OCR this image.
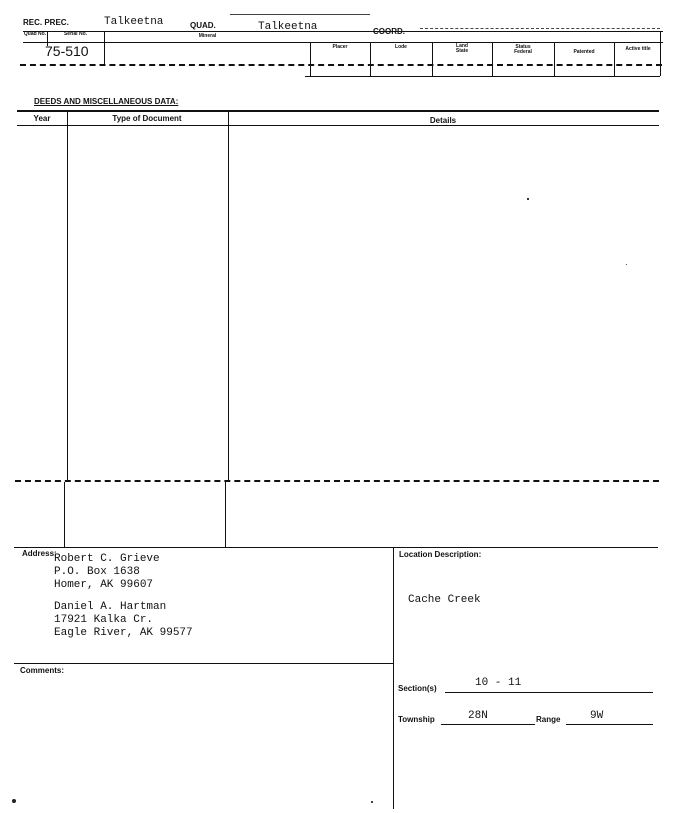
REC. PREC.	Talkeetna	QUAD.	Talkeetna	COORD.
Quad No.	Serial No.	Mineral
Placer	Lode	Land State
Status Federal	Patented	Active title
75-510
DEEDS AND MISCELLANEOUS DATA:
Year	Type of Document	Details
Address:
Robert C. Grieve
P.O. Box 1638
Homer, AK 99607
Daniel A. Hartman
17921 Kalka Cr.
Eagle River, AK 99577
Comments:
Location Description:
Cache Creek
Section(s)	10 - 11
Township	28N	Range	9W
